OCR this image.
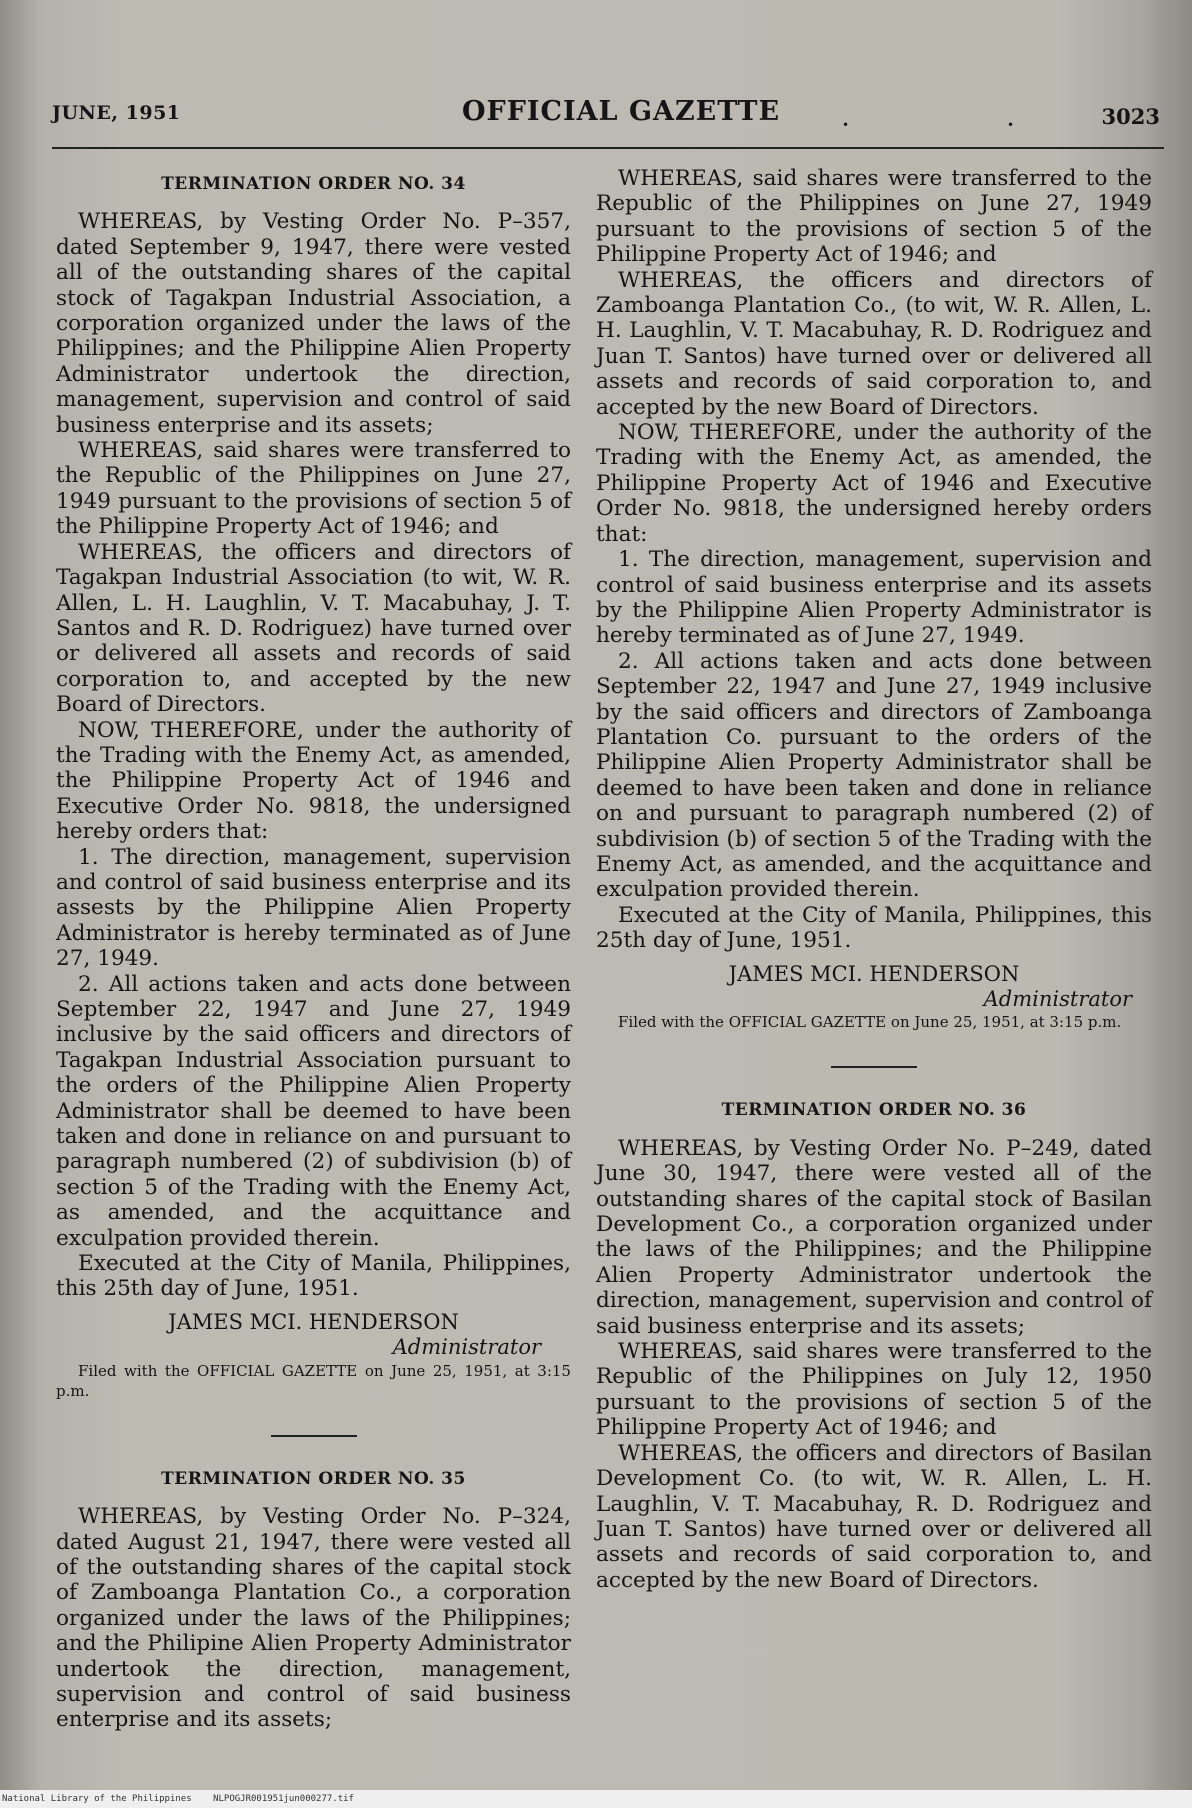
JUNE, 1951	OFFICIAL GAZETTE	•	•	3023
TERMINATION ORDER NO. 34

WHEREAS, by Vesting Order No. P–357, dated September 9, 1947, there were vested all of the outstanding shares of the capital stock of Tagakpan Industrial Association, a corporation organized under the laws of the Philippines; and the Philippine Alien Property Administrator undertook the direction, management, supervision and control of said business enterprise and its assets;

WHEREAS, said shares were transferred to the Republic of the Philippines on June 27, 1949 pursuant to the provisions of section 5 of the Philippine Property Act of 1946; and

WHEREAS, the officers and directors of Tagakpan Industrial Association (to wit, W. R. Allen, L. H. Laughlin, V. T. Macabuhay, J. T. Santos and R. D. Rodriguez) have turned over or delivered all assets and records of said corporation to, and accepted by the new Board of Directors.

NOW, THEREFORE, under the authority of the Trading with the Enemy Act, as amended, the Philippine Property Act of 1946 and Executive Order No. 9818, the undersigned hereby orders that:

1. The direction, management, supervision and control of said business enterprise and its assests by the Philippine Alien Property Administrator is hereby terminated as of June 27, 1949.

2. All actions taken and acts done between September 22, 1947 and June 27, 1949 inclusive by the said officers and directors of Tagakpan Industrial Association pursuant to the orders of the Philippine Alien Property Administrator shall be deemed to have been taken and done in reliance on and pursuant to paragraph numbered (2) of subdivision (b) of section 5 of the Trading with the Enemy Act, as amended, and the acquittance and exculpation provided therein.

Executed at the City of Manila, Philippines, this 25th day of June, 1951.

JAMES MCI. HENDERSON
Administrator

Filed with the OFFICIAL GAZETTE on June 25, 1951, at 3:15 p.m.

TERMINATION ORDER NO. 35

WHEREAS, by Vesting Order No. P–324, dated August 21, 1947, there were vested all of the outstanding shares of the capital stock of Zamboanga Plantation Co., a corporation organized under the laws of the Philippines; and the Philipine Alien Property Administrator undertook the direction, management, supervision and control of said business enterprise and its assets;

WHEREAS, said shares were transferred to the Republic of the Philippines on June 27, 1949 pursuant to the provisions of section 5 of the Philippine Property Act of 1946; and

WHEREAS, the officers and directors of Zamboanga Plantation Co., (to wit, W. R. Allen, L. H. Laughlin, V. T. Macabuhay, R. D. Rodriguez and Juan T. Santos) have turned over or delivered all assets and records of said corporation to, and accepted by the new Board of Directors.

NOW, THEREFORE, under the authority of the Trading with the Enemy Act, as amended, the Philippine Property Act of 1946 and Executive Order No. 9818, the undersigned hereby orders that:

1. The direction, management, supervision and control of said business enterprise and its assets by the Philippine Alien Property Administrator is hereby terminated as of June 27, 1949.

2. All actions taken and acts done between September 22, 1947 and June 27, 1949 inclusive by the said officers and directors of Zamboanga Plantation Co. pursuant to the orders of the Philippine Alien Property Administrator shall be deemed to have been taken and done in reliance on and pursuant to paragraph numbered (2) of subdivision (b) of section 5 of the Trading with the Enemy Act, as amended, and the acquittance and exculpation provided therein.

Executed at the City of Manila, Philippines, this 25th day of June, 1951.

JAMES MCI. HENDERSON
Administrator

Filed with the OFFICIAL GAZETTE on June 25, 1951, at 3:15 p.m.

TERMINATION ORDER NO. 36

WHEREAS, by Vesting Order No. P–249, dated June 30, 1947, there were vested all of the outstanding shares of the capital stock of Basilan Development Co., a corporation organized under the laws of the Philippines; and the Philippine Alien Property Administrator undertook the direction, management, supervision and control of said business enterprise and its assets;

WHEREAS, said shares were transferred to the Republic of the Philippines on July 12, 1950 pursuant to the provisions of section 5 of the Philippine Property Act of 1946; and

WHEREAS, the officers and directors of Basilan Development Co. (to wit, W. R. Allen, L. H. Laughlin, V. T. Macabuhay, R. D. Rodriguez and Juan T. Santos) have turned over or delivered all assets and records of said corporation to, and accepted by the new Board of Directors.

National Library of the Philippines NLPOGJR001951jun000277.tif
